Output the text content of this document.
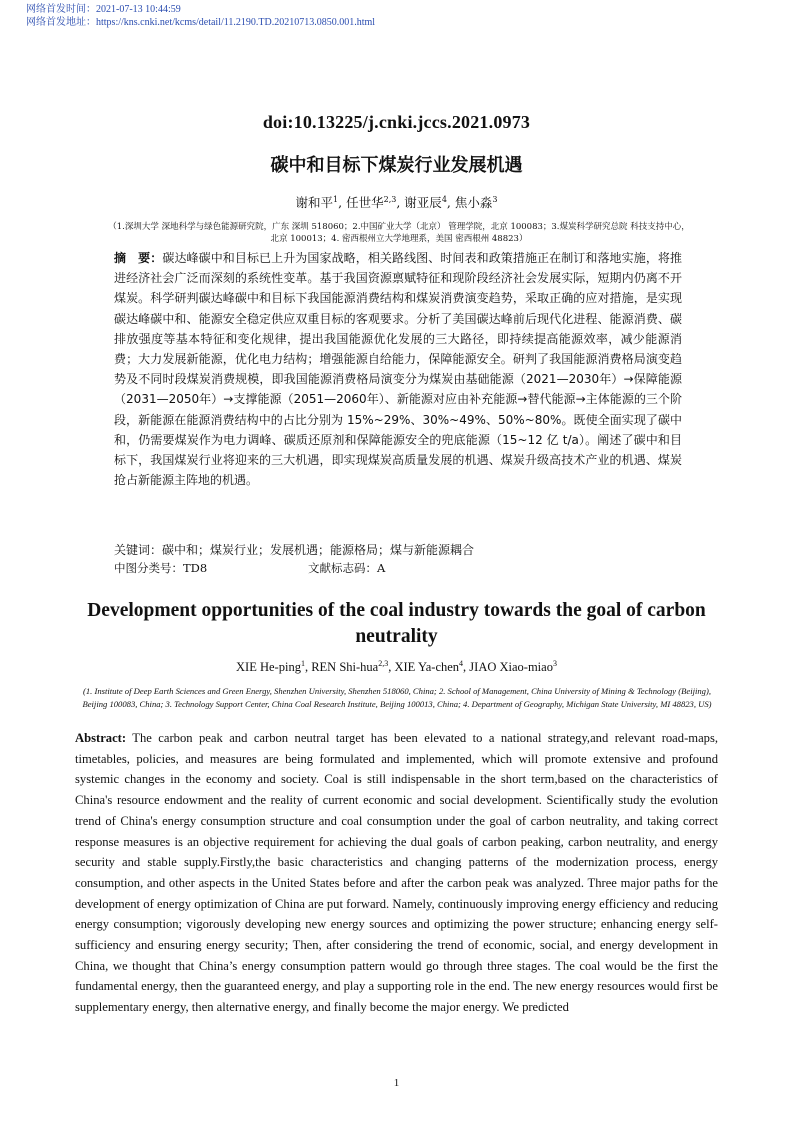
网络首发时间：2021-07-13 10:44:59
网络首发地址：https://kns.cnki.net/kcms/detail/11.2190.TD.20210713.0850.001.html
doi:10.13225/j.cnki.jccs.2021.0973
碳中和目标下煤炭行业发展机遇
谢和平$^1$, 任世华$^{2,3}$, 谢亚辰$^4$, 焦小淼$^3$
（1.深圳大学 深地科学与绿色能源研究院，广东 深圳 518060；2.中国矿业大学（北京） 管理学院，北京 100083；3.煤炭科学研究总院 科技支持中心，北京 100013；4. 密西根州立大学地理系，美国 密西根州 48823）
摘　要：碳达峰碳中和目标已上升为国家战略，相关路线图、时间表和政策措施正在制订和落地实施，将推进经济社会广泛而深刻的系统性变革。基于我国资源禀赋特征和现阶段经济社会发展实际，短期内仍离不开煤炭。科学研判碳达峰碳中和目标下我国能源消费结构和煤炭消费演变趋势，采取正确的应对措施，是实现碳达峰碳中和、能源安全稳定供应双重目标的客观要求。分析了美国碳达峰前后现代化进程、能源消费、碳排放强度等基本特征和变化规律，提出我国能源优化发展的三大路径，即持续提高能源效率，减少能源消费；大力发展新能源，优化电力结构；增强能源自给能力，保障能源安全。研判了我国能源消费格局演变趋势及不同时段煤炭消费规模，即我国能源消费格局演变分为煤炭由基础能源（2021—2030年）→保障能源（2031—2050年）→支撑能源（2051—2060年）、新能源对应由补充能源→替代能源→主体能源的三个阶段，新能源在能源消费结构中的占比分别为 15%~29%、30%~49%、50%~80%。既使全面实现了碳中和，仍需要煤炭作为电力调峰、碳质还原剂和保障能源安全的兜底能源（15~12 亿 t/a）。阐述了碳中和目标下，我国煤炭行业将迎来的三大机遇，即实现煤炭高质量发展的机遇、煤炭升级高技术产业的机遇、煤炭抢占新能源主阵地的机遇。
关键词：碳中和；煤炭行业；发展机遇；能源格局；煤与新能源耦合
中图分类号：TD8	文献标志码：A
Development opportunities of the coal industry towards the goal of carbon neutrality
XIE He-ping$^1$, REN Shi-hua$^{2,3}$, XIE Ya-chen$^4$, JIAO Xiao-miao$^3$
(1. Institute of Deep Earth Sciences and Green Energy, Shenzhen University, Shenzhen 518060, China; 2. School of Management, China University of Mining & Technology (Beijing), Beijing 100083, China; 3. Technology Support Center, China Coal Research Institute, Beijing 100013, China; 4. Department of Geography, Michigan State University, MI 48823, US)
Abstract: The carbon peak and carbon neutral target has been elevated to a national strategy,and relevant road-maps, timetables, policies, and measures are being formulated and implemented, which will promote extensive and profound systemic changes in the economy and society. Coal is still indispensable in the short term,based on the characteristics of China's resource endowment and the reality of current economic and social development. Scientifically study the evolution trend of China's energy consumption structure and coal consumption under the goal of carbon neutrality, and taking correct response measures is an objective requirement for achieving the dual goals of carbon peaking, carbon neutrality, and energy security and stable supply.Firstly,the basic characteristics and changing patterns of the modernization process, energy consumption, and other aspects in the United States before and after the carbon peak was analyzed. Three major paths for the development of energy optimization of China are put forward. Namely, continuously improving energy efficiency and reducing energy consumption; vigorously developing new energy sources and optimizing the power structure; enhancing energy self-sufficiency and ensuring energy security; Then, after considering the trend of economic, social, and energy development in China, we thought that China’s energy consumption pattern would go through three stages. The coal would be the first the fundamental energy, then the guaranteed energy, and play a supporting role in the end. The new energy resources would first be supplementary energy, then alternative energy, and finally become the major energy. We predicted
1
